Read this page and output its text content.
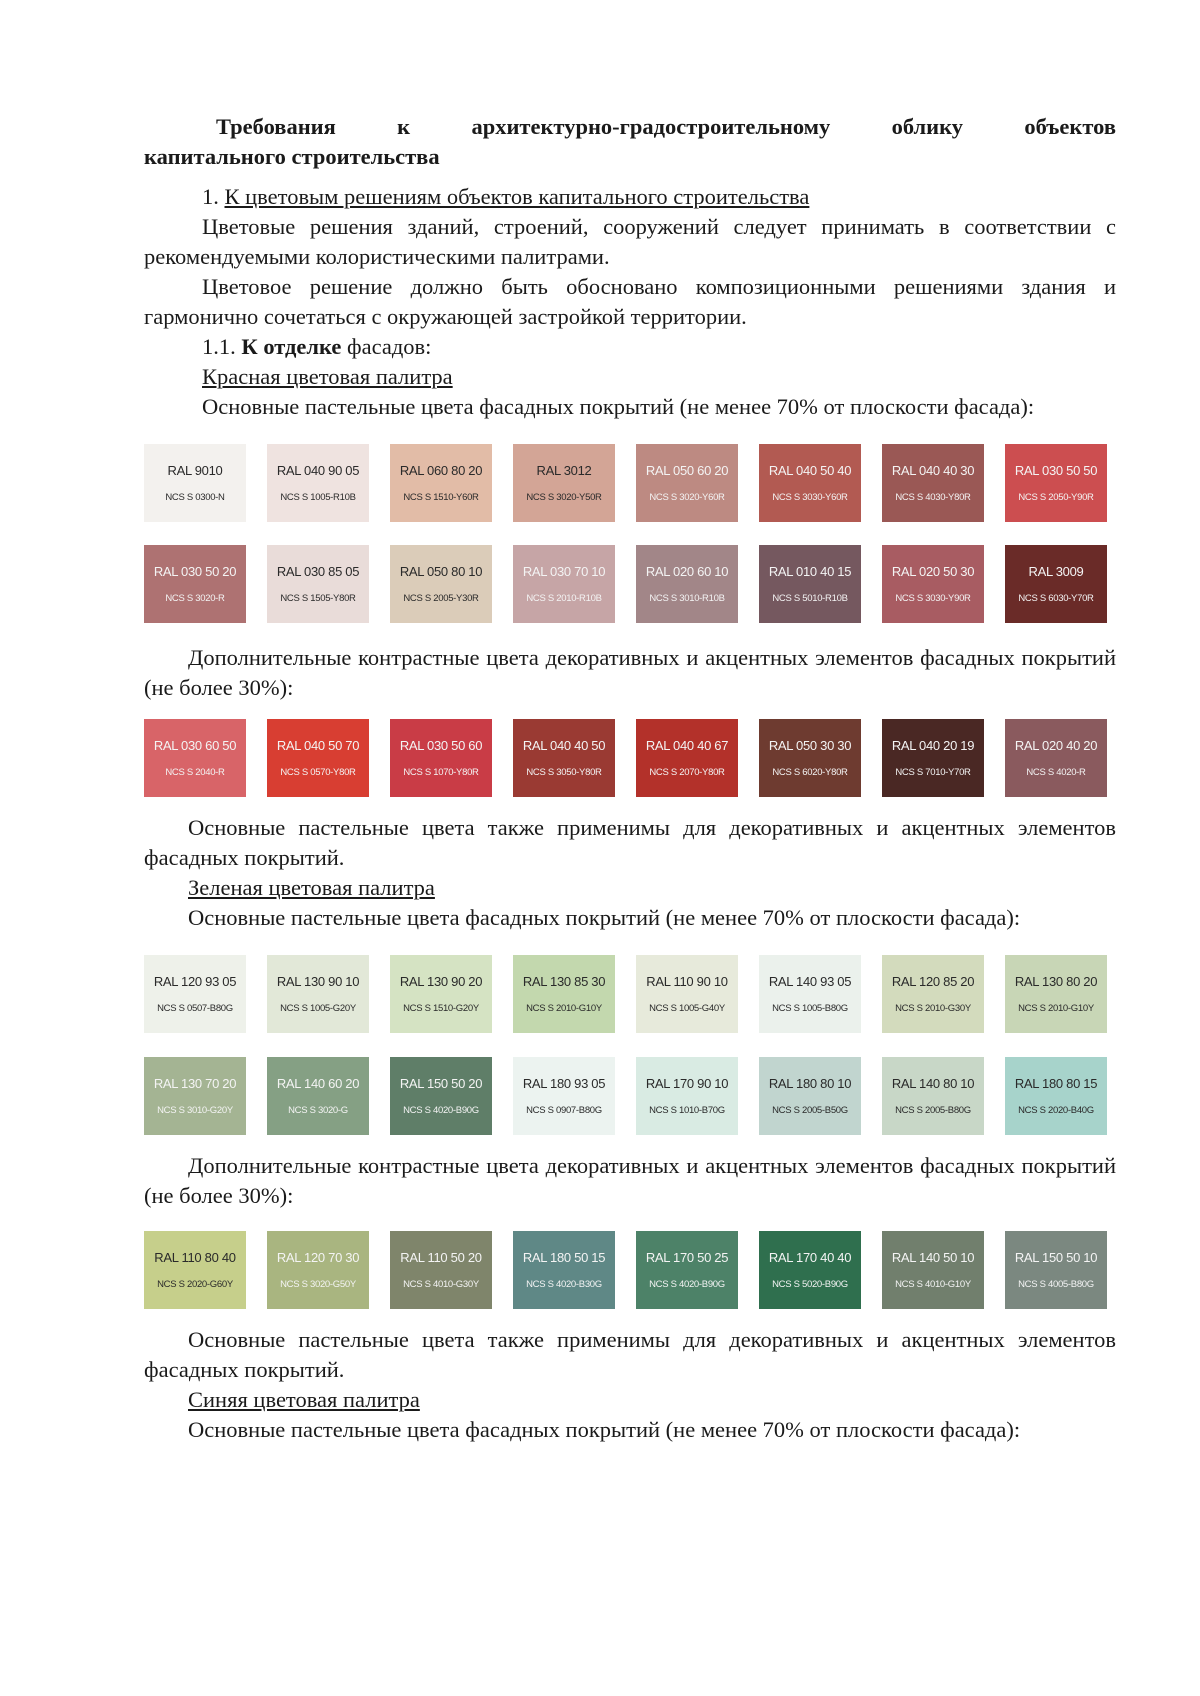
Требования	к	архитектурно-градостроительному	облику	объектов
капитального строительства

1. К цветовым решениям объектов капитального строительства

Цветовые решения зданий, строений, сооружений следует принимать в соответствии с рекомендуемыми колористическими палитрами.

Цветовое решение должно быть обосновано композиционными решениями здания и гармонично сочетаться с окружающей застройкой территории.

1.1. К отделке фасадов:

Красная цветовая палитра

Основные пастельные цвета фасадных покрытий (не менее 70% от плоскости фасада):

RAL 9010
NCS S 0300-N
RAL 040 90 05
NCS S 1005-R10B
RAL 060 80 20
NCS S 1510-Y60R
RAL 3012
NCS S 3020-Y50R
RAL 050 60 20
NCS S 3020-Y60R
RAL 040 50 40
NCS S 3030-Y60R
RAL 040 40 30
NCS S 4030-Y80R
RAL 030 50 50
NCS S 2050-Y90R
RAL 030 50 20
NCS S 3020-R
RAL 030 85 05
NCS S 1505-Y80R
RAL 050 80 10
NCS S 2005-Y30R
RAL 030 70 10
NCS S 2010-R10B
RAL 020 60 10
NCS S 3010-R10B
RAL 010 40 15
NCS S 5010-R10B
RAL 020 50 30
NCS S 3030-Y90R
RAL 3009
NCS S 6030-Y70R

Дополнительные контрастные цвета декоративных и акцентных элементов фасадных покрытий (не более 30%):

RAL 030 60 50
NCS S 2040-R
RAL 040 50 70
NCS S 0570-Y80R
RAL 030 50 60
NCS S 1070-Y80R
RAL 040 40 50
NCS S 3050-Y80R
RAL 040 40 67
NCS S 2070-Y80R
RAL 050 30 30
NCS S 6020-Y80R
RAL 040 20 19
NCS S 7010-Y70R
RAL 020 40 20
NCS S 4020-R

Основные пастельные цвета также применимы для декоративных и акцентных элементов фасадных покрытий.

Зеленая цветовая палитра

Основные пастельные цвета фасадных покрытий (не менее 70% от плоскости фасада):

RAL 120 93 05
NCS S 0507-B80G
RAL 130 90 10
NCS S 1005-G20Y
RAL 130 90 20
NCS S 1510-G20Y
RAL 130 85 30
NCS S 2010-G10Y
RAL 110 90 10
NCS S 1005-G40Y
RAL 140 93 05
NCS S 1005-B80G
RAL 120 85 20
NCS S 2010-G30Y
RAL 130 80 20
NCS S 2010-G10Y
RAL 130 70 20
NCS S 3010-G20Y
RAL 140 60 20
NCS S 3020-G
RAL 150 50 20
NCS S 4020-B90G
RAL 180 93 05
NCS S 0907-B80G
RAL 170 90 10
NCS S 1010-B70G
RAL 180 80 10
NCS S 2005-B50G
RAL 140 80 10
NCS S 2005-B80G
RAL 180 80 15
NCS S 2020-B40G

Дополнительные контрастные цвета декоративных и акцентных элементов фасадных покрытий (не более 30%):

RAL 110 80 40
NCS S 2020-G60Y
RAL 120 70 30
NCS S 3020-G50Y
RAL 110 50 20
NCS S 4010-G30Y
RAL 180 50 15
NCS S 4020-B30G
RAL 170 50 25
NCS S 4020-B90G
RAL 170 40 40
NCS S 5020-B90G
RAL 140 50 10
NCS S 4010-G10Y
RAL 150 50 10
NCS S 4005-B80G

Основные пастельные цвета также применимы для декоративных и акцентных элементов фасадных покрытий.

Синяя цветовая палитра

Основные пастельные цвета фасадных покрытий (не менее 70% от плоскости фасада):
